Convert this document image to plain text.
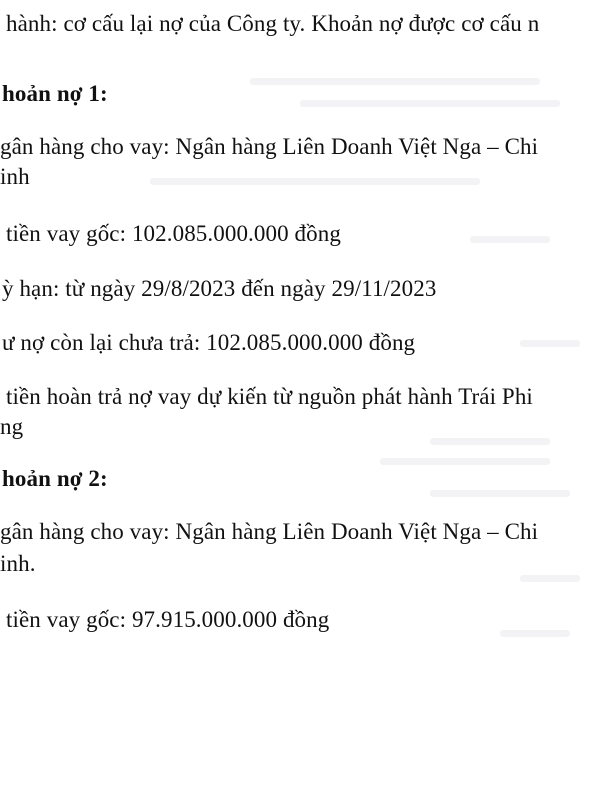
hành: cơ cấu lại nợ của Công ty. Khoản nợ được cơ cấu n
hoản nợ 1:
gân hàng cho vay: Ngân hàng Liên Doanh Việt Nga – Chi
inh
tiền vay gốc: 102.085.000.000 đồng
ỳ hạn: từ ngày 29/8/2023 đến ngày 29/11/2023
ư nợ còn lại chưa trả: 102.085.000.000 đồng
tiền hoàn trả nợ vay dự kiến từ nguồn phát hành Trái Phi
ng
hoản nợ 2:
gân hàng cho vay: Ngân hàng Liên Doanh Việt Nga – Chi
inh.
tiền vay gốc: 97.915.000.000 đồng
